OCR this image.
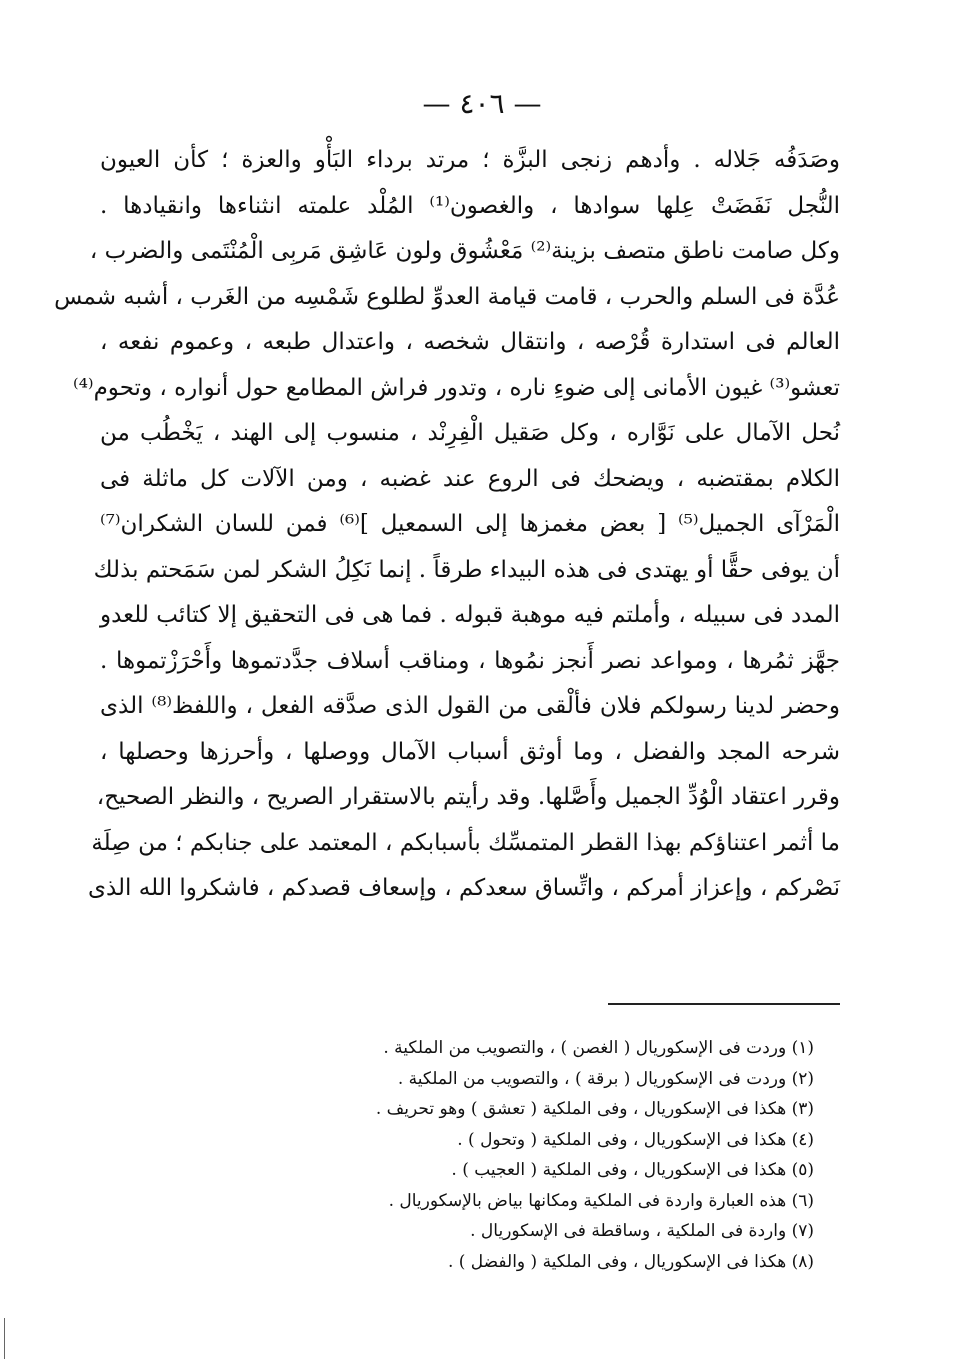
— ٤٠٦ —
وصَدَفُه جَلاله . وأدهم زنجى البزَّة ؛ مرتد برداء البَأْو والعزة ؛ كأن العيون
النُّجل نَفَضَتْ عِلها سوادها ، والغصون⁽¹⁾ المُلْد علمته انثناءها وانقيادها .
وكل صامت ناطق متصف بزينة⁽²⁾ مَعْشُوق ولون عَاشِق مَربِى الْمُنْتَمى والضرب ،
عُدَّة فى السلم والحرب ، قامت قيامة العدوِّ لطلوع شَمْسِه من الغَرب ، أشبه شمس
العالم فى استدارة قُرْصه ، وانتقال شخصه ، واعتدال طبعه ، وعموم نفعه ،
تعشو⁽³⁾ غيون الأمانى إلى ضوءِ ناره ، وتدور فراش المطامع حول أنواره ، وتحوم⁽⁴⁾
نُحل الآمال على نَوَّاره ، وكل صَقيل الْفِرِنْد ، منسوب إلى الهند ، يَخْطُب من
الكلام بمقتضبه ، ويضحك فى الروع عند غضبه ، ومن الآلات كل ماثلة فى
الْمَرْآى الجميل⁽⁵⁾ [ بعض مغمزها إلى السمعيل ]⁽⁶⁾ فمن للسان الشكران⁽⁷⁾
أن يوفى حقًّا أو يهتدى فى هذه البيداء طرقاً . إنما نَكِلُ الشكر لمن سَمَحتم بذلك
المدد فى سبيله ، وأملتم فيه موهبة قبوله . فما هى فى التحقيق إلا كتائب للعدو
جهَّز ثمُرها ، ومواعد نصر أَنجز نمُوها ، ومناقب أسلاف جدَّدتموها وأَحْرَزْتموها .
وحضر لدينا رسولكم فلان فألْقى من القول الذى صدَّقه الفعل ، واللفظ⁽⁸⁾ الذى
شرحه المجد والفضل ، وما أوثق أسباب الآمال ووصلها ، وأحرزها وحصلها ،
وقرر اعتقاد الْوُدِّ الجميل وأَصَّلها. وقد رأيتم بالاستقرار الصريح ، والنظر الصحيح،
ما أثمر اعتناؤكم بهذا القطر المتمسِّك بأسبابكم ، المعتمد على جنابكم ؛ من صِلَة
نَصْركم ، وإعزاز أمركم ، واتِّساق سعدكم ، وإسعاف قصدكم ، فاشكروا الله الذى
(١) وردت فى الإسكوريال ( الغصن ) ، والتصويب من الملكية .
(٢) وردت فى الإسكوريال ( برقة ) ، والتصويب من الملكية .
(٣) هكذا فى الإسكوريال ، وفى الملكية ( تعشق ) وهو تحريف .
(٤) هكذا فى الإسكوريال ، وفى الملكية ( وتحول ) .
(٥) هكذا فى الإسكوريال ، وفى الملكية ( العجيب ) .
(٦) هذه العبارة واردة فى الملكية ومكانها بياض بالإسكوريال .
(٧) واردة فى الملكية ، وساقطة فى الإسكوريال .
(٨) هكذا فى الإسكوريال ، وفى الملكية ( والفضل ) .
